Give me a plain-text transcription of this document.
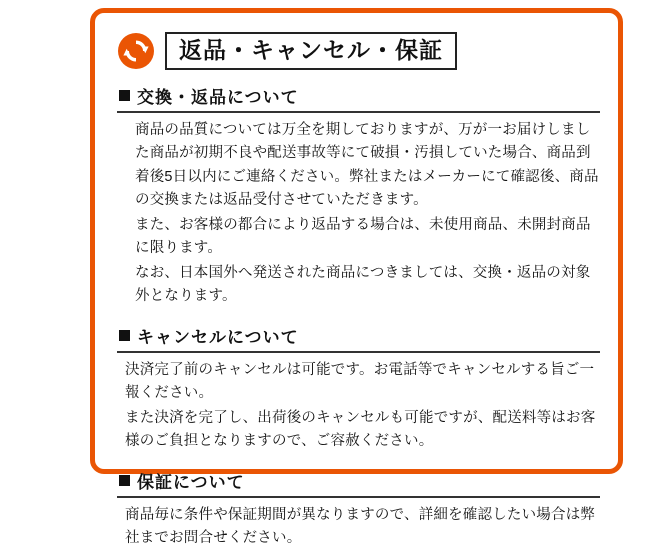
返品・キャンセル・保証
交換・返品について

商品の品質については万全を期しておりますが、万が一お届けしました商品が初期不良や配送事故等にて破損・汚損していた場合、商品到着後5日以内にご連絡ください。弊社またはメーカーにて確認後、商品の交換または返品受付させていただきます。

また、お客様の都合により返品する場合は、未使用商品、未開封商品に限ります。

なお、日本国外へ発送された商品につきましては、交換・返品の対象外となります。

キャンセルについて

決済完了前のキャンセルは可能です。お電話等でキャンセルする旨ご一報ください。

また決済を完了し、出荷後のキャンセルも可能ですが、配送料等はお客様のご負担となりますので、ご容赦ください。

保証について

商品毎に条件や保証期間が異なりますので、詳細を確認したい場合は弊社までお問合せください。
